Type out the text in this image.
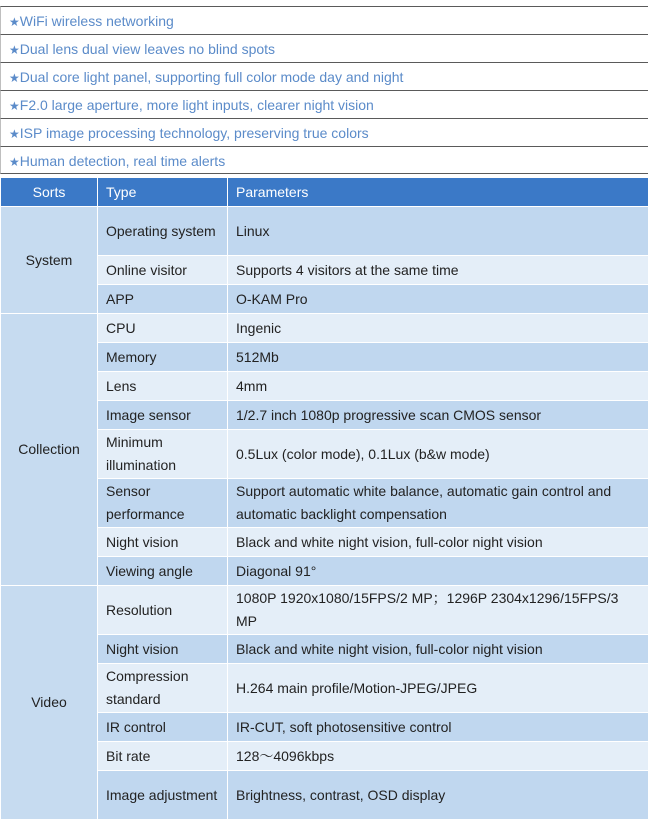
★WiFi wireless networking
★Dual lens dual view leaves no blind spots
★Dual core light panel, supporting full color mode day and night
★F2.0 large aperture, more light inputs, clearer night vision
★ISP image processing technology, preserving true colors
★Human detection, real time alerts
Sorts	Type	Parameters
System	Operating system	Linux
	Online visitor	Supports 4 visitors at the same time
	APP	O-KAM Pro
Collection	CPU	Ingenic
	Memory	512Mb
	Lens	4mm
	Image sensor	1/2.7 inch 1080p progressive scan CMOS sensor
	Minimum illumination	0.5Lux (color mode), 0.1Lux (b&w mode)
	Sensor performance	Support automatic white balance, automatic gain control and automatic backlight compensation
	Night vision	Black and white night vision, full-color night vision
	Viewing angle	Diagonal 91°
Video	Resolution	1080P 1920x1080/15FPS/2 MP；1296P 2304x1296/15FPS/3 MP
	Night vision	Black and white night vision, full-color night vision
	Compression standard	H.264 main profile/Motion-JPEG/JPEG
	IR control	IR-CUT, soft photosensitive control
	Bit rate	128～4096kbps
	Image adjustment	Brightness, contrast, OSD display
